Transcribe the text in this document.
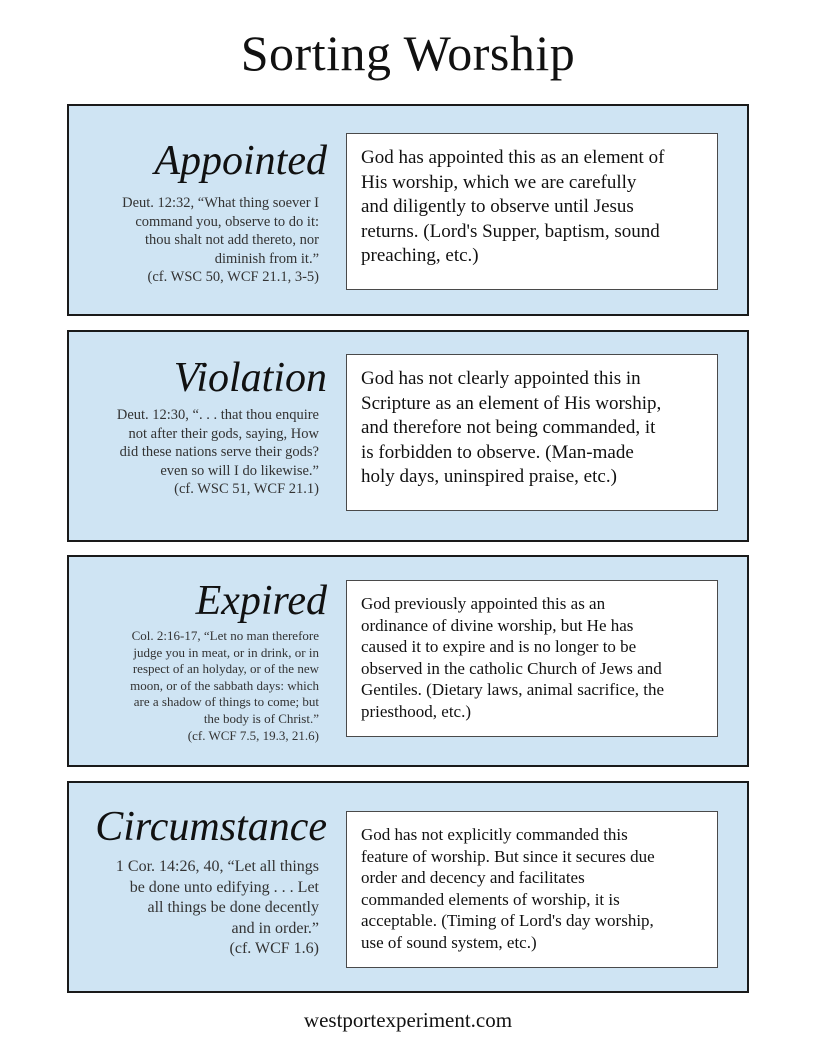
Sorting Worship
Appointed
Deut. 12:32, “What thing soever I
command you, observe to do it:
thou shalt not add thereto, nor
diminish from it.”
(cf. WSC 50, WCF 21.1, 3-5)
God has appointed this as an element of
His worship, which we are carefully
and diligently to observe until Jesus
returns. (Lord's Supper, baptism, sound
preaching, etc.)
Violation
Deut. 12:30, “. . . that thou enquire
not after their gods, saying, How
did these nations serve their gods?
even so will I do likewise.”
(cf. WSC 51, WCF 21.1)
God has not clearly appointed this in
Scripture as an element of His worship,
and therefore not being commanded, it
is forbidden to observe. (Man-made
holy days, uninspired praise, etc.)
Expired
Col. 2:16-17, “Let no man therefore
judge you in meat, or in drink, or in
respect of an holyday, or of the new
moon, or of the sabbath days: which
are a shadow of things to come; but
the body is of Christ.”
(cf. WCF 7.5, 19.3, 21.6)
God previously appointed this as an
ordinance of divine worship, but He has
caused it to expire and is no longer to be
observed in the catholic Church of Jews and
Gentiles. (Dietary laws, animal sacrifice, the
priesthood, etc.)
Circumstance
1 Cor. 14:26, 40, “Let all things
be done unto edifying . . . Let
all things be done decently
and in order.”
(cf. WCF 1.6)
God has not explicitly commanded this
feature of worship. But since it secures due
order and decency and facilitates
commanded elements of worship, it is
acceptable. (Timing of Lord's day worship,
use of sound system, etc.)
westportexperiment.com
